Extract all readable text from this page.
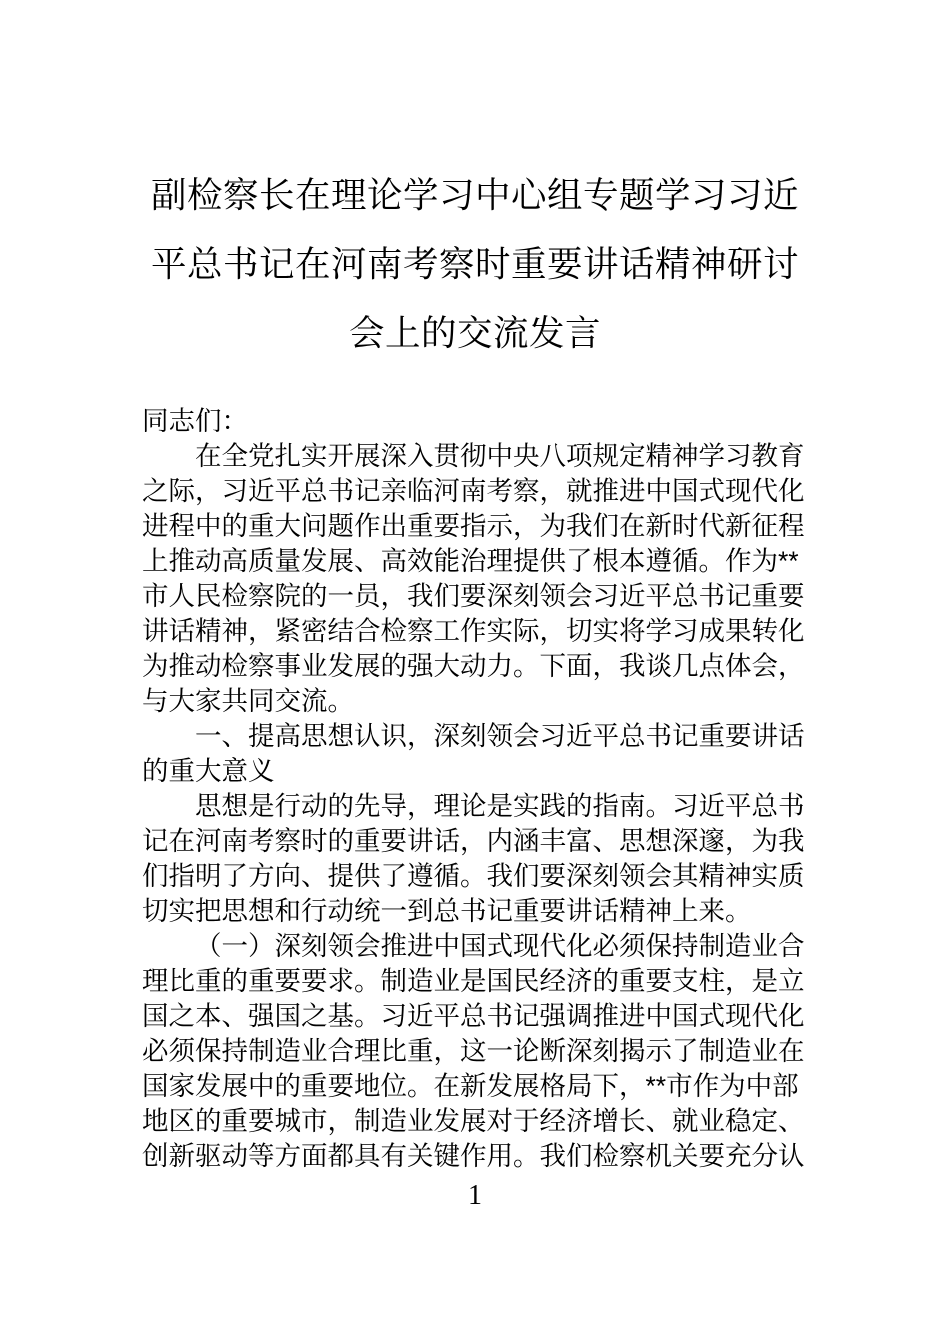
副检察长在理论学习中心组专题学习习近
平总书记在河南考察时重要讲话精神研讨
会上的交流发言
同志们：
在全党扎实开展深入贯彻中央八项规定精神学习教育
之际，习近平总书记亲临河南考察，就推进中国式现代化
进程中的重大问题作出重要指示，为我们在新时代新征程
上推动高质量发展、高效能治理提供了根本遵循。作为**
市人民检察院的一员，我们要深刻领会习近平总书记重要
讲话精神，紧密结合检察工作实际，切实将学习成果转化
为推动检察事业发展的强大动力。下面，我谈几点体会，
与大家共同交流。
一、提高思想认识，深刻领会习近平总书记重要讲话
的重大意义
思想是行动的先导，理论是实践的指南。习近平总书
记在河南考察时的重要讲话，内涵丰富、思想深邃，为我
们指明了方向、提供了遵循。我们要深刻领会其精神实质
切实把思想和行动统一到总书记重要讲话精神上来。
（一）深刻领会推进中国式现代化必须保持制造业合
理比重的重要要求。制造业是国民经济的重要支柱，是立
国之本、强国之基。习近平总书记强调推进中国式现代化
必须保持制造业合理比重，这一论断深刻揭示了制造业在
国家发展中的重要地位。在新发展格局下，**市作为中部
地区的重要城市，制造业发展对于经济增长、就业稳定、
创新驱动等方面都具有关键作用。我们检察机关要充分认
1
